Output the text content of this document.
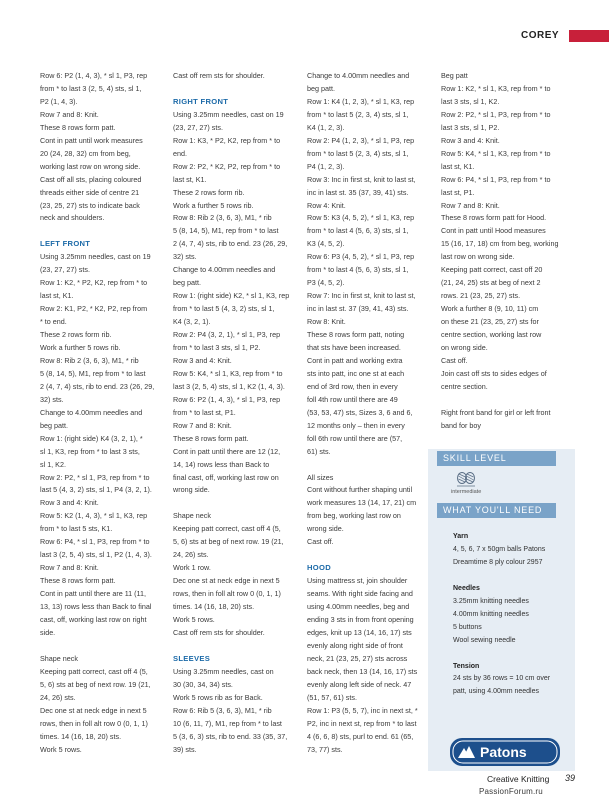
COREY

Row 6: P2 (1, 4, 3), * sl 1, P3, rep

from * to last 3 (2, 5, 4) sts, sl 1,

P2 (1, 4, 3).

Row 7 and 8: Knit.

These 8 rows form patt.

Cont in patt until work measures

20 (24, 28, 32) cm from beg,

working last row on wrong side.

Cast off all sts, placing coloured

threads either side of centre 21

(23, 25, 27) sts to indicate back

neck and shoulders.

LEFT FRONT

Using 3.25mm needles, cast on 19

(23, 27, 27) sts.

Row 1: K2, * P2, K2, rep from * to

last st, K1.

Row 2: K1, P2, * K2, P2, rep from

* to end.

These 2 rows form rib.

Work a further 5 rows rib.

Row 8: Rib 2 (3, 6, 3), M1, * rib

5 (8, 14, 5), M1, rep from * to last

2 (4, 7, 4) sts, rib to end. 23 (26, 29,

32) sts.

Change to 4.00mm needles and

beg patt.

Row 1: (right side) K4 (3, 2, 1), *

sl 1, K3, rep from * to last 3 sts,

sl 1, K2.

Row 2: P2, * sl 1, P3, rep from * to

last 5 (4, 3, 2) sts, sl 1, P4 (3, 2, 1).

Row 3 and 4: Knit.

Row 5: K2 (1, 4, 3), * sl 1, K3, rep

from * to last 5 sts, K1.

Row 6: P4, * sl 1, P3, rep from * to

last 3 (2, 5, 4) sts, sl 1, P2 (1, 4, 3).

Row 7 and 8: Knit.

These 8 rows form patt.

Cont in patt until there are 11 (11,

13, 13) rows less than Back to final

cast, off, working last row on right

side.

Shape neck

Keeping patt correct, cast off 4 (5,

5, 6) sts at beg of next row. 19 (21,

24, 26) sts.

Dec one st at neck edge in next 5

rows, then in foll alt row 0 (0, 1, 1)

times. 14 (16, 18, 20) sts.

Work 5 rows.

Cast off rem sts for shoulder.

RIGHT FRONT

Using 3.25mm needles, cast on 19

(23, 27, 27) sts.

Row 1: K3, * P2, K2, rep from * to

end.

Row 2: P2, * K2, P2, rep from * to

last st, K1.

These 2 rows form rib.

Work a further 5 rows rib.

Row 8: Rib 2 (3, 6, 3), M1, * rib

5 (8, 14, 5), M1, rep from * to last

2 (4, 7, 4) sts, rib to end. 23 (26, 29,

32) sts.

Change to 4.00mm needles and

beg patt.

Row 1: (right side) K2, * sl 1, K3, rep

from * to last 5 (4, 3, 2) sts, sl 1,

K4 (3, 2, 1).

Row 2: P4 (3, 2, 1), * sl 1, P3, rep

from * to last 3 sts, sl 1, P2.

Row 3 and 4: Knit.

Row 5: K4, * sl 1, K3, rep from * to

last 3 (2, 5, 4) sts, sl 1, K2 (1, 4, 3).

Row 6: P2 (1, 4, 3), * sl 1, P3, rep

from * to last st, P1.

Row 7 and 8: Knit.

These 8 rows form patt.

Cont in patt until there are 12 (12,

14, 14) rows less than Back to

final cast, off, working last row on

wrong side.

Shape neck

Keeping patt correct, cast off 4 (5,

5, 6) sts at beg of next row. 19 (21,

24, 26) sts.

Work 1 row.

Dec one st at neck edge in next 5

rows, then in foll alt row 0 (0, 1, 1)

times. 14 (16, 18, 20) sts.

Work 5 rows.

Cast off rem sts for shoulder.

SLEEVES

Using 3.25mm needles, cast on

30 (30, 34, 34) sts.

Work 5 rows rib as for Back.

Row 6: Rib 5 (3, 6, 3), M1, * rib

10 (6, 11, 7), M1, rep from * to last

5 (3, 6, 3) sts, rib to end. 33 (35, 37,

39) sts.

Change to 4.00mm needles and

beg patt.

Row 1: K4 (1, 2, 3), * sl 1, K3, rep

from * to last 5 (2, 3, 4) sts, sl 1,

K4 (1, 2, 3).

Row 2: P4 (1, 2, 3), * sl 1, P3, rep

from * to last 5 (2, 3, 4) sts, sl 1,

P4 (1, 2, 3).

Row 3: Inc in first st, knit to last st,

inc in last st. 35 (37, 39, 41) sts.

Row 4: Knit.

Row 5: K3 (4, 5, 2), * sl 1, K3, rep

from * to last 4 (5, 6, 3) sts, sl 1,

K3 (4, 5, 2).

Row 6: P3 (4, 5, 2), * sl 1, P3, rep

from * to last 4 (5, 6, 3) sts, sl 1,

P3 (4, 5, 2).

Row 7: Inc in first st, knit to last st,

inc in last st. 37 (39, 41, 43) sts.

Row 8: Knit.

These 8 rows form patt, noting

that sts have been increased.

Cont in patt and working extra

sts into patt, inc one st at each

end of 3rd row, then in every

foll 4th row until there are 49

(53, 53, 47) sts, Sizes 3, 6 and 6,

12 months only – then in every

foll 6th row until there are (57,

61) sts.

All sizes

Cont without further shaping until

work measures 13 (14, 17, 21) cm

from beg, working last row on

wrong side.

Cast off.

HOOD

Using mattress st, join shoulder

seams. With right side facing and

using 4.00mm needles, beg and

ending 3 sts in from front opening

edges, knit up 13 (14, 16, 17) sts

evenly along right side of front

neck, 21 (23, 25, 27) sts across

back neck, then 13 (14, 16, 17) sts

evenly along left side of neck. 47

(51, 57, 61) sts.

Row 1: P3 (5, 5, 7), inc in next st, *

P2, inc in next st, rep from * to last

4 (6, 6, 8) sts, purl to end. 61 (65,

73, 77) sts.

Beg patt

Row 1: K2, * sl 1, K3, rep from * to

last 3 sts, sl 1, K2.

Row 2: P2, * sl 1, P3, rep from * to

last 3 sts, sl 1, P2.

Row 3 and 4: Knit.

Row 5: K4, * sl 1, K3, rep from * to

last st, K1.

Row 6: P4, * sl 1, P3, rep from * to

last st, P1.

Row 7 and 8: Knit.

These 8 rows form patt for Hood.

Cont in patt until Hood measures

15 (16, 17, 18) cm from beg, working

last row on wrong side.

Keeping patt correct, cast off 20

(21, 24, 25) sts at beg of next 2

rows. 21 (23, 25, 27) sts.

Work a further 8 (9, 10, 11) cm

on these 21 (23, 25, 27) sts for

centre section, working last row

on wrong side.

Cast off.

Join cast off sts to sides edges of

centre section.

Right front band for girl or left front

band for boy

SKILL LEVEL
intermediate
WHAT YOU'LL NEED

Yarn

4, 5, 6, 7 x 50gm balls Patons

Dreamtime 8 ply colour 2957

Needles

3.25mm knitting needles

4.00mm knitting needles

5 buttons

Wool sewing needle

Tension

24 sts by 36 rows = 10 cm over

patt, using 4.00mm needles

Patons
Creative Knitting 39
PassionForum.ru
